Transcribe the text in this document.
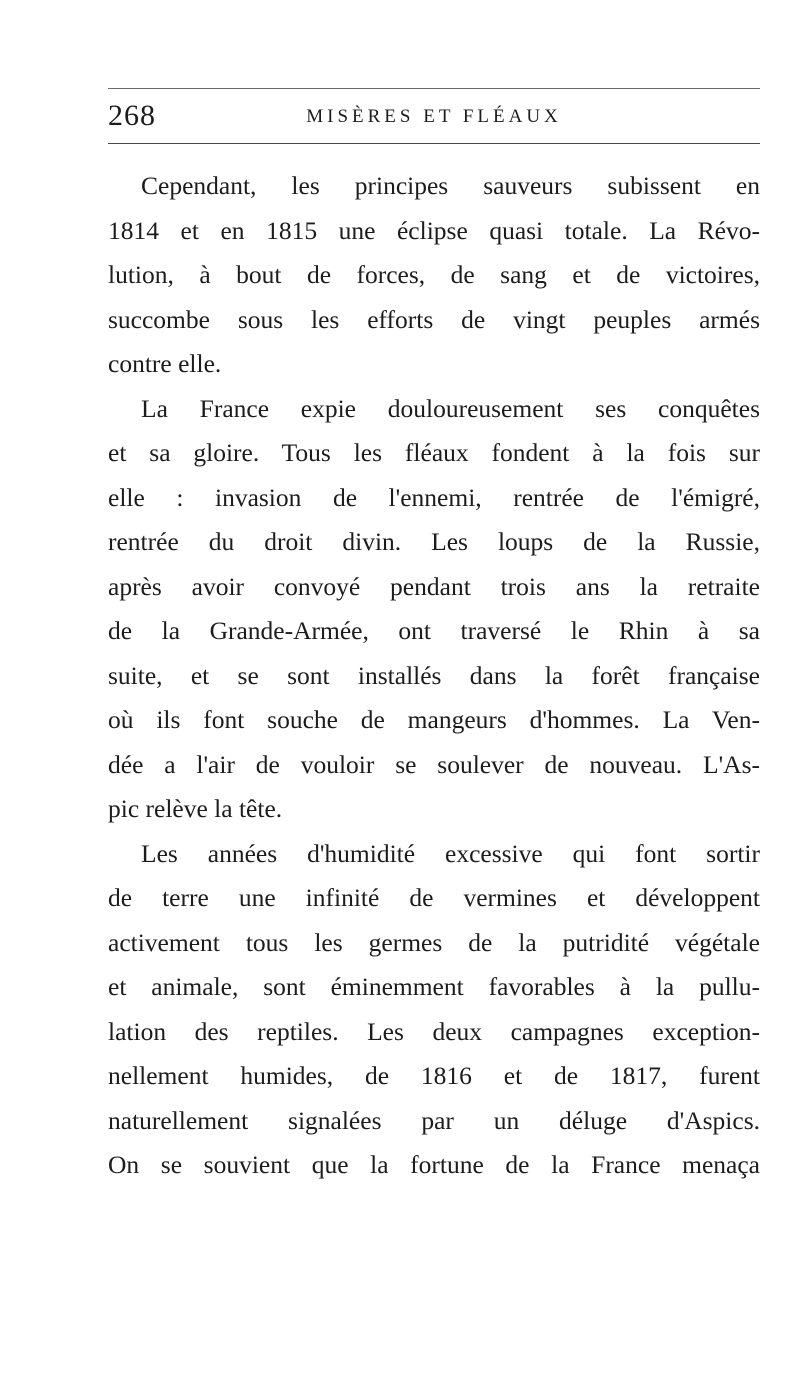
268	MISÈRES ET FLÉAUX
Cependant, les principes sauveurs subissent en
1814 et en 1815 une éclipse quasi totale. La Révo-
lution, à bout de forces, de sang et de victoires,
succombe sous les efforts de vingt peuples armés
contre elle.
La France expie douloureusement ses conquêtes
et sa gloire. Tous les fléaux fondent à la fois sur
elle : invasion de l'ennemi, rentrée de l'émigré,
rentrée du droit divin. Les loups de la Russie,
après avoir convoyé pendant trois ans la retraite
de la Grande-Armée, ont traversé le Rhin à sa
suite, et se sont installés dans la forêt française
où ils font souche de mangeurs d'hommes. La Ven-
dée a l'air de vouloir se soulever de nouveau. L'As-
pic relève la tête.
Les années d'humidité excessive qui font sortir
de terre une infinité de vermines et développent
activement tous les germes de la putridité végétale
et animale, sont éminemment favorables à la pullu-
lation des reptiles. Les deux campagnes exception-
nellement humides, de 1816 et de 1817, furent
naturellement signalées par un déluge d'Aspics.
On se souvient que la fortune de la France menaça
